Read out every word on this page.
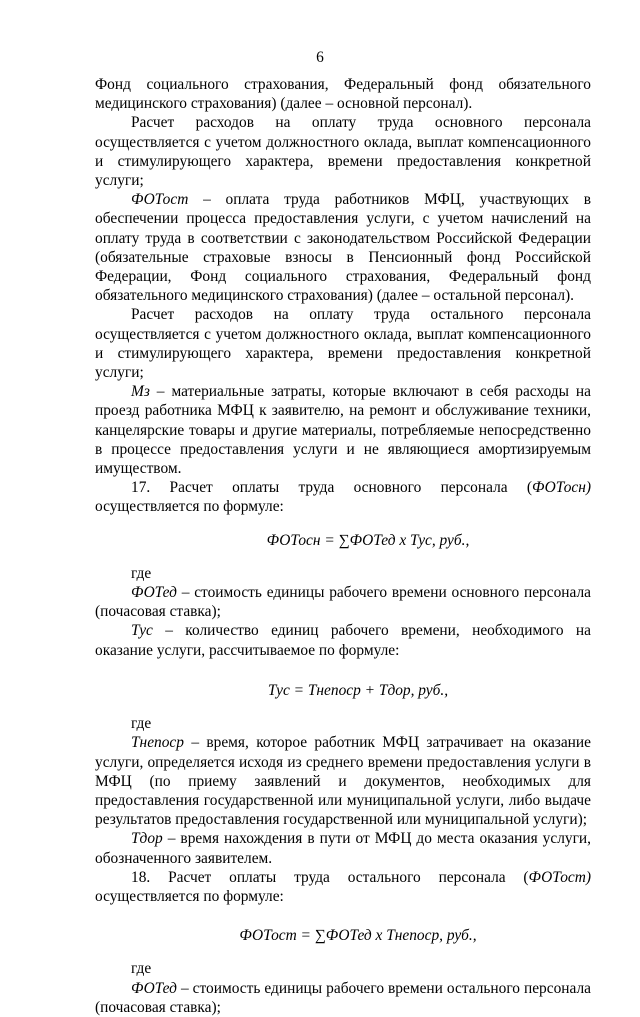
6

Фонд социального страхования, Федеральный фонд обязательного медицинского страхования) (далее – основной персонал).

Расчет расходов на оплату труда основного персонала осуществляется с учетом должностного оклада, выплат компенсационного и стимулирующего характера, времени предоставления конкретной услуги;

ФОТост – оплата труда работников МФЦ, участвующих в обеспечении процесса предоставления услуги, с учетом начислений на оплату труда в соответствии с законодательством Российской Федерации (обязательные страховые взносы в Пенсионный фонд Российской Федерации, Фонд социального страхования, Федеральный фонд обязательного медицинского страхования) (далее – остальной персонал).

Расчет расходов на оплату труда остального персонала осуществляется с учетом должностного оклада, выплат компенсационного и стимулирующего характера, времени предоставления конкретной услуги;

Мз – материальные затраты, которые включают в себя расходы на проезд работника МФЦ к заявителю, на ремонт и обслуживание техники, канцелярские товары и другие материалы, потребляемые непосредственно в процессе предоставления услуги и не являющиеся амортизируемым имуществом.

17. Расчет оплаты труда основного персонала (ФОТосн) осуществляется по формуле:

ФОТосн = ∑ФОТед х Тус, руб.,

где

ФОТед – стоимость единицы рабочего времени основного персонала (почасовая ставка);

Тус – количество единиц рабочего времени, необходимого на оказание услуги, рассчитываемое по формуле:

Тус = Тнепоср + Тдор, руб.,

где

Тнепоср – время, которое работник МФЦ затрачивает на оказание услуги, определяется исходя из среднего времени предоставления услуги в МФЦ (по приему заявлений и документов, необходимых для предоставления государственной или муниципальной услуги, либо выдаче результатов предоставления государственной или муниципальной услуги);

Тдор – время нахождения в пути от МФЦ до места оказания услуги, обозначенного заявителем.

18. Расчет оплаты труда остального персонала (ФОТост) осуществляется по формуле:

ФОТост = ∑ФОТед х Тнепоср, руб.,

где

ФОТед – стоимость единицы рабочего времени остального персонала (почасовая ставка);
